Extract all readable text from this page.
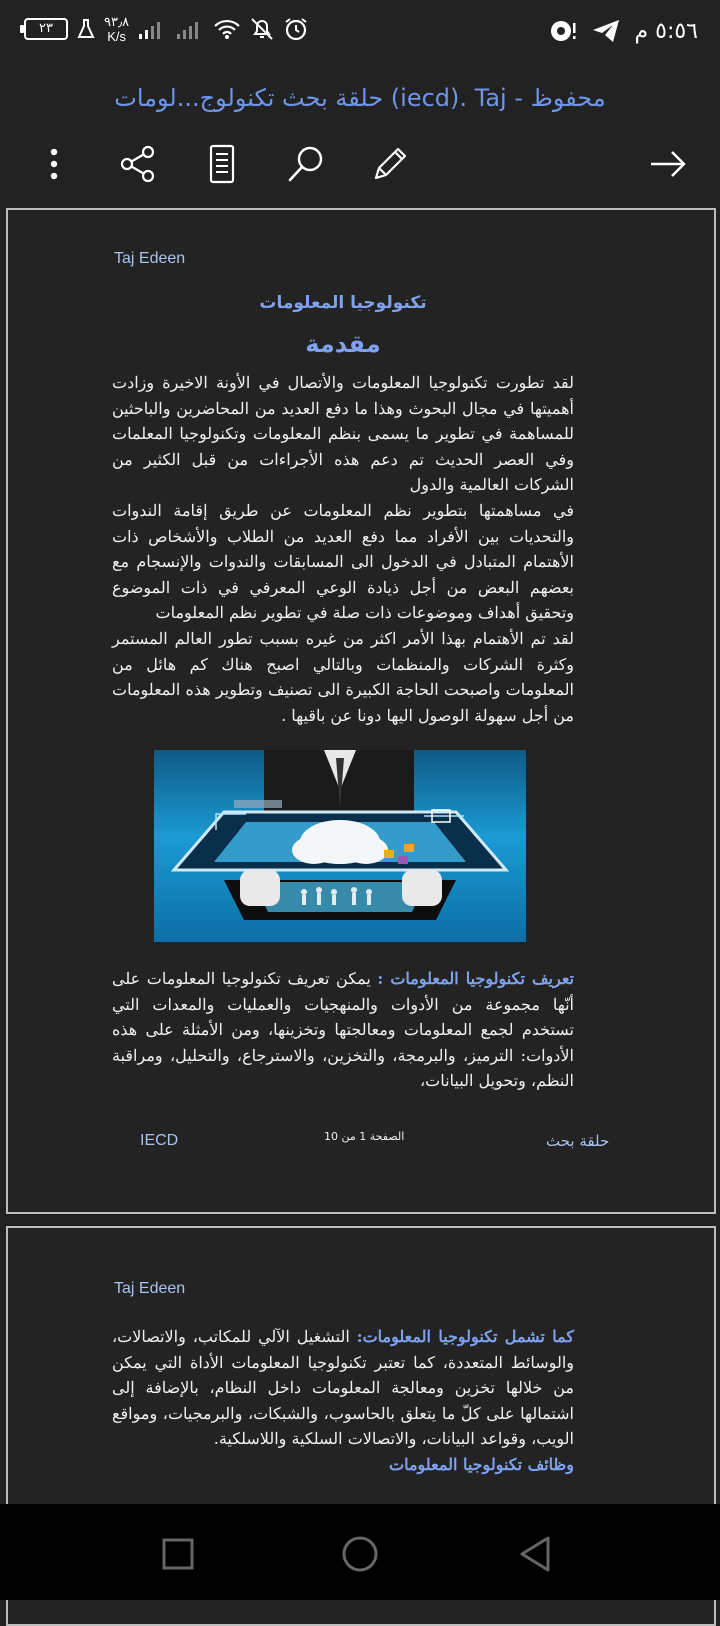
٢٣	٩٣٫٨
K/s	٥:٥٦ م
حلقة بحث تكنولوج...لومات (iecd). Taj - محفوظ
Taj Edeen
تكنولوجيا المعلومات
مقدمة
لقد تطورت تكنولوجيا المعلومات والأتصال في الأونة الاخيرة وزادت أهميتها في مجال البحوث وهذا ما دفع العديد من المحاضرين والباحثين للمساهمة في تطوير ما يسمى بنظم المعلومات وتكنولوجيا المعلمات وفي العصر الحديث تم دعم هذه الأجراءات من قبل الكثير من الشركات العالمية والدول
في مساهمتها بتطوير نظم المعلومات عن طريق إقامة الندوات والتحديات بين الأفراد مما دفع العديد من الطلاب والأشخاص ذات الأهتمام المتبادل في الدخول الى المسابقات والندوات والإنسجام مع بعضهم البعض من أجل ذيادة الوعي المعرفي في ذات الموضوع وتحقيق أهداف وموضوعات ذات صلة في تطوير نظم المعلومات
لقد تم الأهتمام بهذا الأمر اكثر من غيره بسبب تطور العالم المستمر وكثرة الشركات والمنظمات وبالتالي اصبح هناك كم هائل من المعلومات واصبحت الحاجة الكبيرة الى تصنيف وتطوير هذه المعلومات من أجل سهولة الوصول اليها دونا عن باقيها .
تعريف تكنولوجيا المعلومات : يمكن تعريف تكنولوجيا المعلومات على أنّها مجموعة من الأدوات والمنهجيات والعمليات والمعدات التي تستخدم لجمع المعلومات ومعالجتها وتخزينها، ومن الأمثلة على هذه الأدوات: الترميز، والبرمجة، والتخزين، والاسترجاع، والتحليل، ومراقبة النظم، وتحويل البيانات،
IECD	الصفحة 1 من 10	حلقة بحث
Taj Edeen
كما تشمل تكنولوجيا المعلومات: التشغيل الآلي للمكاتب، والاتصالات، والوسائط المتعددة، كما تعتبر تكنولوجيا المعلومات الأداة التي يمكن من خلالها تخزين ومعالجة المعلومات داخل النظام، بالإضافة إلى اشتمالها على كلّ ما يتعلق بالحاسوب، والشبكات، والبرمجيات، ومواقع الويب، وقواعد البيانات، والاتصالات السلكية واللاسلكية.
وظائف تكنولوجيا المعلومات
